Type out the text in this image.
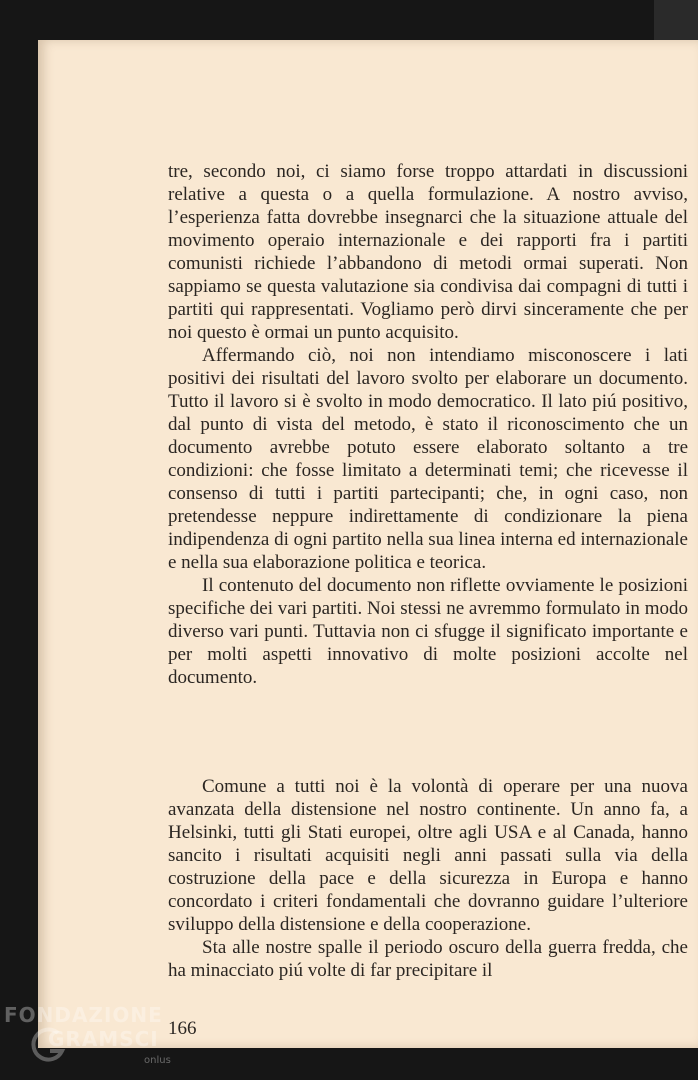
tre, secondo noi, ci siamo forse troppo attardati in discussioni relative a questa o a quella formulazione. A nostro avviso, l’esperienza fatta dovrebbe insegnarci che la situazione attuale del movimento operaio internazionale e dei rapporti fra i partiti comunisti richiede l’abbandono di metodi ormai superati. Non sappiamo se questa valutazione sia condivisa dai compagni di tutti i partiti qui rappresentati. Vogliamo però dirvi sinceramente che per noi questo è ormai un punto acquisito.

Affermando ciò, noi non intendiamo misconoscere i lati positivi dei risultati del lavoro svolto per elaborare un documento. Tutto il lavoro si è svolto in modo democratico. Il lato piú positivo, dal punto di vista del metodo, è stato il riconoscimento che un documento avrebbe potuto essere elaborato soltanto a tre condizioni: che fosse limitato a determinati temi; che ricevesse il consenso di tutti i partiti partecipanti; che, in ogni caso, non pretendesse neppure indirettamente di condizionare la piena indipendenza di ogni partito nella sua linea interna ed internazionale e nella sua elaborazione politica e teorica.

Il contenuto del documento non riflette ovviamente le posizioni specifiche dei vari partiti. Noi stessi ne avremmo formulato in modo diverso vari punti. Tuttavia non ci sfugge il significato importante e per molti aspetti innovativo di molte posizioni accolte nel documento.

Comune a tutti noi è la volontà di operare per una nuova avanzata della distensione nel nostro continente. Un anno fa, a Helsinki, tutti gli Stati europei, oltre agli USA e al Canada, hanno sancito i risultati acquisiti negli anni passati sulla via della costruzione della pace e della sicurezza in Europa e hanno concordato i criteri fondamentali che dovranno guidare l’ulteriore sviluppo della distensione e della cooperazione.

Sta alle nostre spalle il periodo oscuro della guerra fredda, che ha minacciato piú volte di far precipitare il

166
FONDAZIONE
GRAMSCI
onlus
